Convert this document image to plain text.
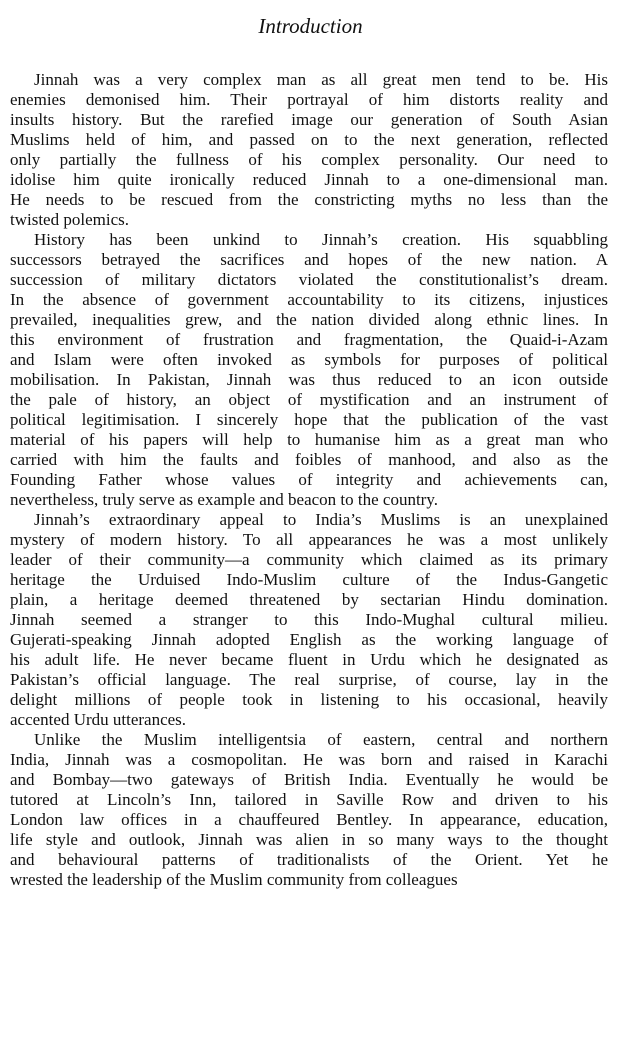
Introduction

Jinnah was a very complex man as all great men tend to be. His
enemies demonised him. Their portrayal of him distorts reality and
insults history. But the rarefied image our generation of South Asian
Muslims held of him, and passed on to the next generation, reflected
only partially the fullness of his complex personality. Our need to
idolise him quite ironically reduced Jinnah to a one-dimensional man.
He needs to be rescued from the constricting myths no less than the
twisted polemics.

History has been unkind to Jinnah’s creation. His squabbling
successors betrayed the sacrifices and hopes of the new nation. A
succession of military dictators violated the constitutionalist’s dream.
In the absence of government accountability to its citizens, injustices
prevailed, inequalities grew, and the nation divided along ethnic lines. In
this environment of frustration and fragmentation, the Quaid-i-Azam
and Islam were often invoked as symbols for purposes of political
mobilisation. In Pakistan, Jinnah was thus reduced to an icon outside
the pale of history, an object of mystification and an instrument of
political legitimisation. I sincerely hope that the publication of the vast
material of his papers will help to humanise him as a great man who
carried with him the faults and foibles of manhood, and also as the
Founding Father whose values of integrity and achievements can,
nevertheless, truly serve as example and beacon to the country.

Jinnah’s extraordinary appeal to India’s Muslims is an unexplained
mystery of modern history. To all appearances he was a most unlikely
leader of their community—a community which claimed as its primary
heritage the Urduised Indo-Muslim culture of the Indus-Gangetic
plain, a heritage deemed threatened by sectarian Hindu domination.
Jinnah seemed a stranger to this Indo-Mughal cultural milieu.
Gujerati-speaking Jinnah adopted English as the working language of
his adult life. He never became fluent in Urdu which he designated as
Pakistan’s official language. The real surprise, of course, lay in the
delight millions of people took in listening to his occasional, heavily
accented Urdu utterances.

Unlike the Muslim intelligentsia of eastern, central and northern
India, Jinnah was a cosmopolitan. He was born and raised in Karachi
and Bombay—two gateways of British India. Eventually he would be
tutored at Lincoln’s Inn, tailored in Saville Row and driven to his
London law offices in a chauffeured Bentley. In appearance, education,
life style and outlook, Jinnah was alien in so many ways to the thought
and behavioural patterns of traditionalists of the Orient. Yet he
wrested the leadership of the Muslim community from colleagues
